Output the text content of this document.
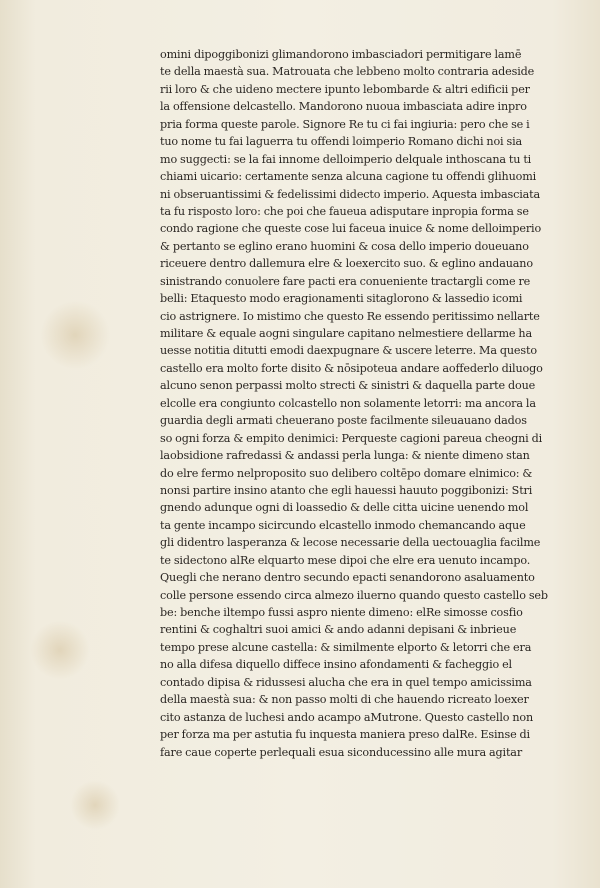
omini dipoggibonizi glimandorono imbasciadori permitigare lamē
te della maestà sua. Matrouata che lebbeno molto contraria adeside
rii loro & che uideno mectere ipunto lebombarde & altri edificii per
la offensione delcastello. Mandorono nuoua imbasciata adire inpro
pria forma queste parole. Signore Re tu ci fai ingiuria: pero che se i
tuo nome tu fai laguerra tu offendi loimperio Romano dichi noi sia
mo suggecti: se la fai innome delloimperio delquale inthoscana tu ti
chiami uicario: certamente senza alcuna cagione tu offendi glihuomi
ni obseruantissimi & fedelissimi didecto imperio. Aquesta imbasciata
ta fu risposto loro: che poi che faueua adisputare inpropia forma se
condo ragione che queste cose lui faceua inuice & nome delloimperio
& pertanto se eglino erano huomini & cosa dello imperio doueuano
riceuere dentro dallemura elre & loexercito suo. & eglino andauano
sinistrando conuolere fare pacti era conueniente tractargli come re
belli: Etaquesto modo eragionamenti sitaglorono & lassedio icomi
cio astrignere. Io mistimo che questo Re essendo peritissimo nellarte
militare & equale aogni singulare capitano nelmestiere dellarme ha
uesse notitia ditutti emodi daexpugnare & uscere leterre. Ma questo
castello era molto forte disito & nōsipoteua andare aoffederlo diluogo
alcuno senon perpassi molto strecti & sinistri & daquella parte doue
elcolle era congiunto colcastello non solamente letorri: ma ancora la
guardia degli armati cheuerano poste facilmente sileuauano dados
so ogni forza & empito denimici: Perqueste cagioni pareua cheogni di
laobsidione rafredassi & andassi perla lunga: & niente dimeno stan
do elre fermo nelproposito suo delibero coltēpo domare elnimico: &
nonsi partire insino atanto che egli hauessi hauuto poggibonizi: Stri
gnendo adunque ogni di loassedio & delle citta uicine uenendo mol
ta gente incampo sicircundo elcastello inmodo chemancando aque
gli didentro lasperanza & lecose necessarie della uectouaglia facilme
te sidectono alRe elquarto mese dipoi che elre era uenuto incampo.
Quegli che nerano dentro secundo epacti senandorono asaluamento
colle persone essendo circa almezo iluerno quando questo castello seb
be: benche iltempo fussi aspro niente dimeno: elRe simosse cosfio
rentini & coghaltri suoi amici & ando adanni depisani & inbrieue
tempo prese alcune castella: & similmente elporto & letorri che era
no alla difesa diquello diffece insino afondamenti & facheggio el
contado dipisa & ridussesi alucha che era in quel tempo amicissima
della maestà sua: & non passo molti di che hauendo ricreato loexer
cito astanza de luchesi ando acampo aMutrone. Questo castello non
per forza ma per astutia fu inquesta maniera preso dalRe. Esinse di
fare caue coperte perlequali esua siconducessino alle mura agitar
